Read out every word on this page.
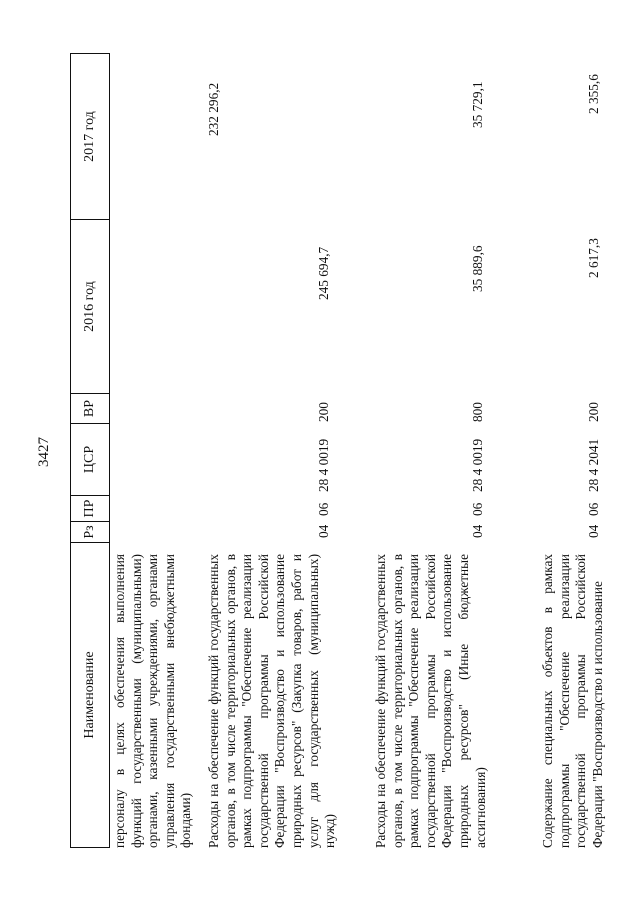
3427
Наименование
Рз
ПР
ЦСР
ВР
2016 год
2017 год
персоналу в целях обеспечения выполнения функций государственными (муниципальными) органами, казенными учреждениями, органами управления государственными внебюджетными фондами) Расходы на обеспечение функций государственных органов, в том числе территориальных органов, в рамках подпрограммы "Обеспечение реализации государственной программы Российской Федерации "Воспроизводство и использование природных ресурсов" (Закупка товаров, работ и услуг для государственных (муниципальных) нужд)
04
06
28 4 0019
200
245 694,7
232 296,2
Расходы на обеспечение функций государственных органов, в том числе территориальных органов, в рамках подпрограммы "Обеспечение реализации государственной программы Российской Федерации "Воспроизводство и использование природных ресурсов" (Иные бюджетные ассигнования)
04
06
28 4 0019
800
35 889,6
35 729,1
Содержание специальных объектов в рамках подпрограммы "Обеспечение реализации государственной программы Российской Федерации "Воспроизводство и использование
04
06
28 4 2041
200
2 617,3
2 355,6
